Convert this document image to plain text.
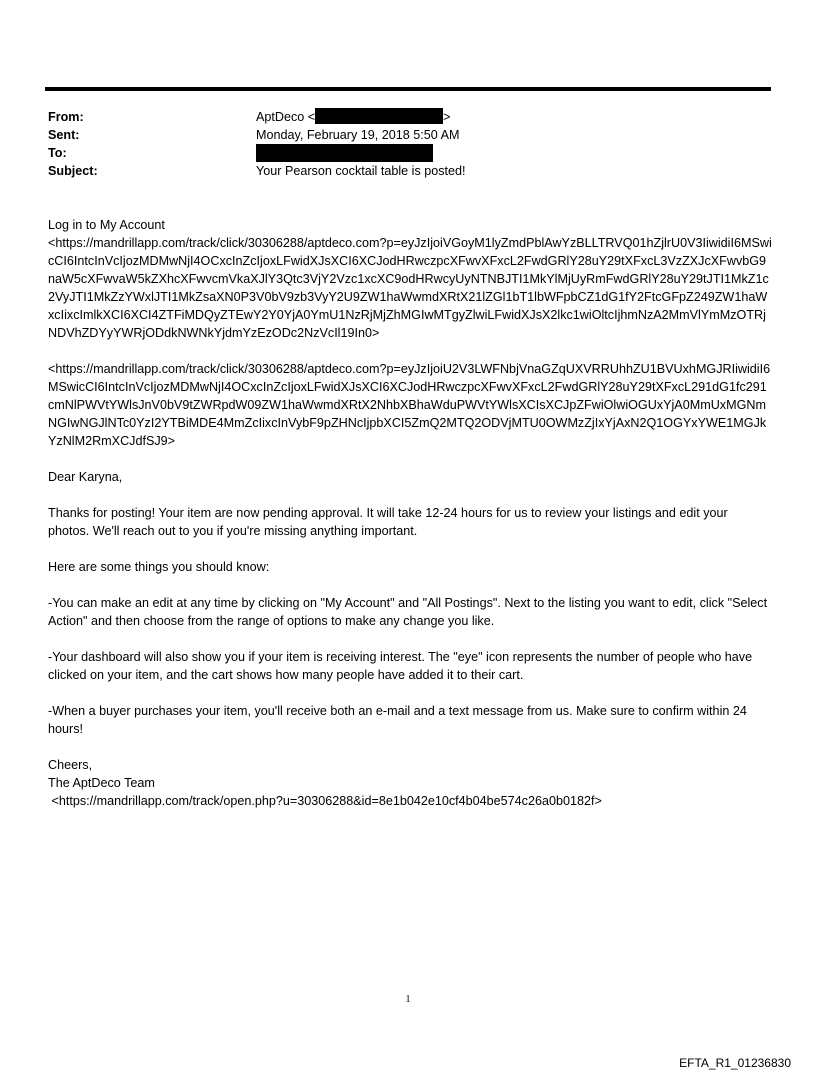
From:	AptDeco <	>
Sent:	Monday, February 19, 2018 5:50 AM
To:
Subject:	Your Pearson cocktail table is posted!

Log in to My Account
<https://mandrillapp.com/track/click/30306288/aptdeco.com?p=eyJzIjoiVGoyM1lyZmdPblAwYzBLLTRVQ01hZjlrU0V3IiwidiI6MSwicCI6IntcInVcIjozMDMwNjI4OCxcInZcIjoxLFwidXJsXCI6XCJodHRwczpcXFwvXFxcL2FwdGRlY28uY29tXFxcL3VzZXJcXFwvbG9naW5cXFwvaW5kZXhcXFwvcmVkaXJlY3Qtc3VjY2Vzc1xcXC9odHRwcyUyNTNBJTI1MkYlMjUyRmFwdGRlY28uY29tJTI1MkZ1c2VyJTI1MkZzYWxlJTI1MkZsaXN0P3V0bV9zb3VyY2U9ZW1haWwmdXRtX21lZGl1bT1lbWFpbCZ1dG1fY2FtcGFpZ249ZW1haWxcIixcImlkXCI6XCI4ZTFiMDQyZTEwY2Y0YjA0YmU1NzRjMjZhMGIwMTgyZlwiLFwidXJsX2lkc1wiOltcIjhmNzA2MmVlYmMzOTRjNDVhZDYyYWRjODdkNWNkYjdmYzEzODc2NzVcIl19In0>

<https://mandrillapp.com/track/click/30306288/aptdeco.com?p=eyJzIjoiU2V3LWFNbjVnaGZqUXVRRUhhZU1BVUxhMGJRIiwidiI6MSwicCI6IntcInVcIjozMDMwNjI4OCxcInZcIjoxLFwidXJsXCI6XCJodHRwczpcXFwvXFxcL2FwdGRlY28uY29tXFxcL291dG1fc291cmNlPWVtYWlsJnV0bV9tZWRpdW09ZW1haWwmdXRtX2NhbXBhaWduPWVtYWlsXCIsXCJpZFwiOlwiOGUxYjA0MmUxMGNmNGIwNGJlNTc0YzI2YTBiMDE4MmZcIixcInVybF9pZHNcIjpbXCI5ZmQ2MTQ2ODVjMTU0OWMzZjIxYjAxN2Q1OGYxYWE1MGJkYzNlM2RmXCJdfSJ9>

Dear Karyna,

Thanks for posting! Your item are now pending approval. It will take 12-24 hours for us to review your listings and edit your photos. We'll reach out to you if you're missing anything important.

Here are some things you should know:

-You can make an edit at any time by clicking on "My Account" and "All Postings". Next to the listing you want to edit, click "Select Action" and then choose from the range of options to make any change you like.

-Your dashboard will also show you if your item is receiving interest. The "eye" icon represents the number of people who have clicked on your item, and the cart shows how many people have added it to their cart.

-When a buyer purchases your item, you'll receive both an e-mail and a text message from us. Make sure to confirm within 24 hours!

Cheers,
The AptDeco Team
<https://mandrillapp.com/track/open.php?u=30306288&id=8e1b042e10cf4b04be574c26a0b0182f>

1
EFTA_R1_01236830
